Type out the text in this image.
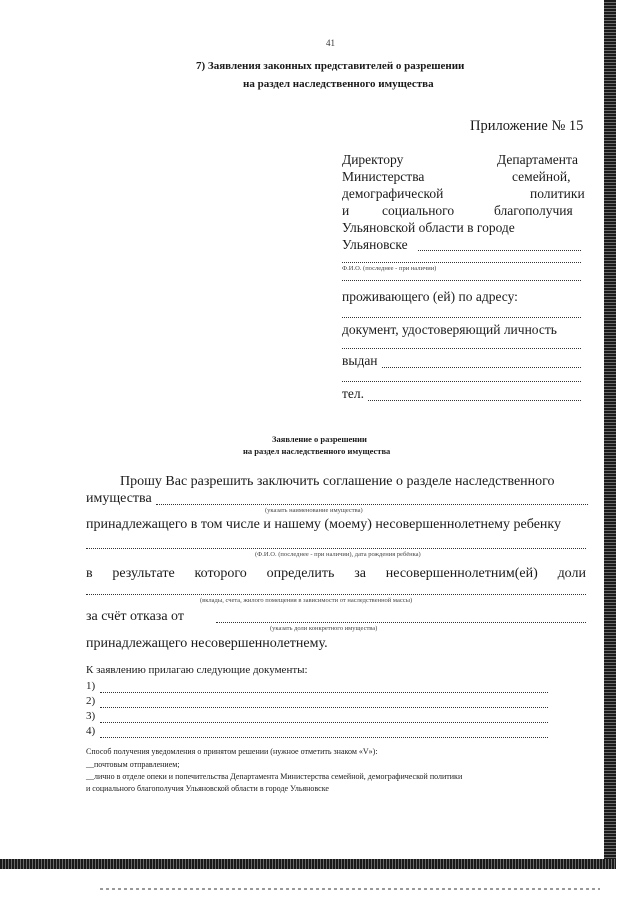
41
7) Заявления законных представителей о разрешении
на раздел наследственного имущества
Приложение № 15
Директору	Департамента
Министерства	семейной,
демографической	политики
и социального	благополучия
Ульяновской области в городе
Ульяновске
Ф.И.О. (последнее - при наличии)
проживающего (ей) по адресу:
документ, удостоверяющий личность
выдан
тел.
Заявление о разрешении
на раздел наследственного имущества
Прошу Вас разрешить заключить соглашение о разделе наследственного
имущества
(указать наименование имущества)
принадлежащего в том числе и нашему (моему) несовершеннолетнему ребенку
(Ф.И.О. (последнее - при наличии), дата рождения ребёнка)
в результате которого определить за несовершеннолетним(ей) доли
(вклады, счета, жилого помещения в зависимости от наследственной массы)
за счёт отказа от
(указать доли конкретного имущества)
принадлежащего несовершеннолетнему.
К заявлению прилагаю следующие документы:
1)
2)
3)
4)
Способ получения уведомления о принятом решении (нужное отметить знаком «V»):
__почтовым отправлением;
__лично в отделе опеки и попечительства Департамента Министерства семейной, демографической политики
и социального благополучия Ульяновской области в городе Ульяновске
